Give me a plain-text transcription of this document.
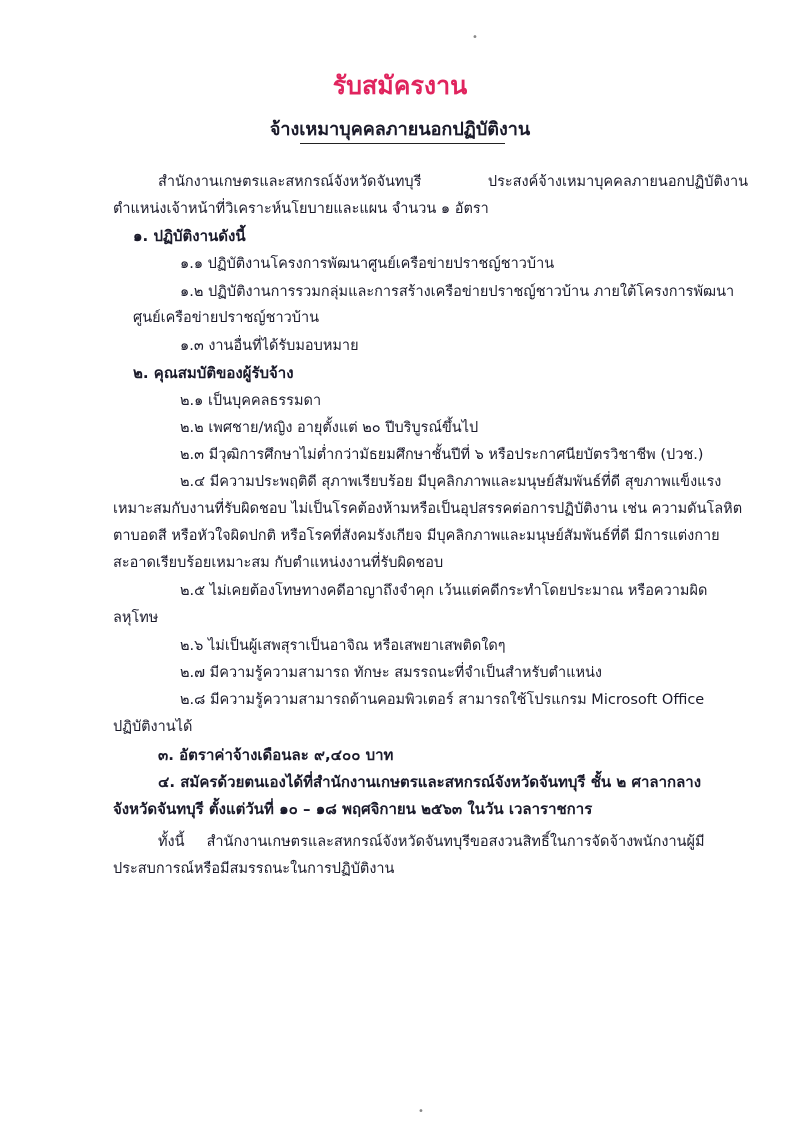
รับสมัครงาน
จ้างเหมาบุคคลภายนอกปฏิบัติงาน
สำนักงานเกษตรและสหกรณ์จังหวัดจันทบุรี	ประสงค์จ้างเหมาบุคคลภายนอกปฏิบัติงาน
ตำแหน่งเจ้าหน้าที่วิเคราะห์นโยบายและแผน จำนวน ๑ อัตรา
๑. ปฏิบัติงานดังนี้
๑.๑ ปฏิบัติงานโครงการพัฒนาศูนย์เครือข่ายปราชญ์ชาวบ้าน
๑.๒ ปฏิบัติงานการรวมกลุ่มและการสร้างเครือข่ายปราชญ์ชาวบ้าน ภายใต้โครงการพัฒนา
ศูนย์เครือข่ายปราชญ์ชาวบ้าน
๑.๓ งานอื่นที่ได้รับมอบหมาย
๒. คุณสมบัติของผู้รับจ้าง
๒.๑ เป็นบุคคลธรรมดา
๒.๒ เพศชาย/หญิง อายุตั้งแต่ ๒๐ ปีบริบูรณ์ขึ้นไป
๒.๓ มีวุฒิการศึกษาไม่ต่ำกว่ามัธยมศึกษาชั้นปีที่ ๖ หรือประกาศนียบัตรวิชาชีพ (ปวช.)
๒.๔ มีความประพฤติดี สุภาพเรียบร้อย มีบุคลิกภาพและมนุษย์สัมพันธ์ที่ดี สุขภาพแข็งแรง
เหมาะสมกับงานที่รับผิดชอบ ไม่เป็นโรคต้องห้ามหรือเป็นอุปสรรคต่อการปฏิบัติงาน เช่น ความดันโลหิต
ตาบอดสี หรือหัวใจผิดปกติ หรือโรคที่สังคมรังเกียจ มีบุคลิกภาพและมนุษย์สัมพันธ์ที่ดี มีการแต่งกาย
สะอาดเรียบร้อยเหมาะสม กับตำแหน่งงานที่รับผิดชอบ
๒.๕ ไม่เคยต้องโทษทางคดีอาญาถึงจำคุก เว้นแต่คดีกระทำโดยประมาณ หรือความผิด
ลหุโทษ
๒.๖ ไม่เป็นผู้เสพสุราเป็นอาจิณ หรือเสพยาเสพติดใดๆ
๒.๗ มีความรู้ความสามารถ ทักษะ สมรรถนะที่จำเป็นสำหรับตำแหน่ง
๒.๘ มีความรู้ความสามารถด้านคอมพิวเตอร์ สามารถใช้โปรแกรม Microsoft Office
ปฏิบัติงานได้
๓. อัตราค่าจ้างเดือนละ ๙,๔๐๐ บาท
๔. สมัครด้วยตนเองได้ที่สำนักงานเกษตรและสหกรณ์จังหวัดจันทบุรี ชั้น ๒ ศาลากลาง
จังหวัดจันทบุรี ตั้งแต่วันที่ ๑๐ – ๑๘ พฤศจิกายน ๒๕๖๓ ในวัน เวลาราชการ
ทั้งนี้ สำนักงานเกษตรและสหกรณ์จังหวัดจันทบุรีขอสงวนสิทธิ์ในการจัดจ้างพนักงานผู้มี
ประสบการณ์หรือมีสมรรถนะในการปฏิบัติงาน
•
•
